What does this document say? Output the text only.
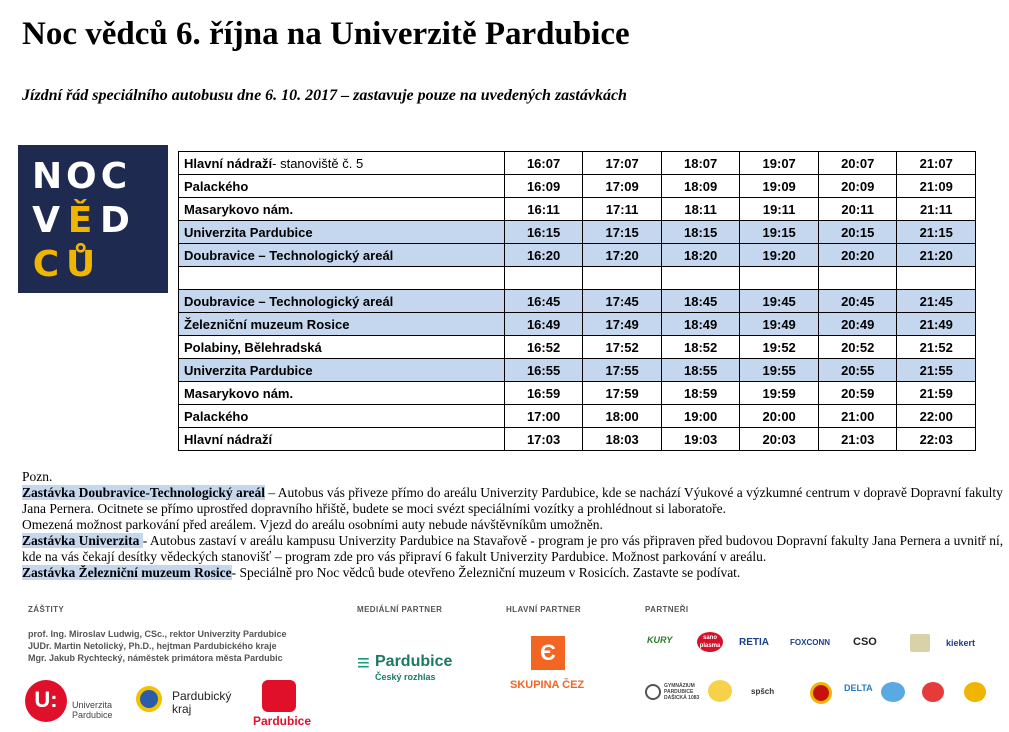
Noc vědců 6. října na Univerzitě Pardubice
Jízdní řád speciálního autobusu dne 6. 10. 2017 – zastavuje pouze na uvedených zastávkách
N O C
V Ě D
C Ů
Hlavní nádraží- stanoviště č. 5	16:07	17:07	18:07	19:07	20:07	21:07
Palackého	16:09	17:09	18:09	19:09	20:09	21:09
Masarykovo nám.	16:11	17:11	18:11	19:11	20:11	21:11
Univerzita Pardubice	16:15	17:15	18:15	19:15	20:15	21:15
Doubravice – Technologický areál	16:20	17:20	18:20	19:20	20:20	21:20

Doubravice – Technologický areál	16:45	17:45	18:45	19:45	20:45	21:45
Železniční muzeum Rosice	16:49	17:49	18:49	19:49	20:49	21:49
Polabiny, Bělehradská	16:52	17:52	18:52	19:52	20:52	21:52
Univerzita Pardubice	16:55	17:55	18:55	19:55	20:55	21:55
Masarykovo nám.	16:59	17:59	18:59	19:59	20:59	21:59
Palackého	17:00	18:00	19:00	20:00	21:00	22:00
Hlavní nádraží	17:03	18:03	19:03	20:03	21:03	22:03

Pozn.

Zastávka Doubravice-Technologický areál – Autobus vás přiveze přímo do areálu Univerzity Pardubice, kde se nachází Výukové a výzkumné centrum v dopravě Dopravní fakulty Jana Pernera. Ocitnete se přímo uprostřed dopravního hřiště, budete se moci svézt speciálními vozítky a prohlédnout si laboratoře.

Omezená možnost parkování před areálem. Vjezd do areálu osobními auty nebude návštěvníkům umožněn.

Zastávka Univerzita - Autobus zastaví v areálu kampusu Univerzity Pardubice na Stavařově - program je pro vás připraven před budovou Dopravní fakulty Jana Pernera a uvnitř ní, kde na vás čekají desítky vědeckých stanovišť – program zde pro vás připraví 6 fakult Univerzity Pardubice. Možnost parkování v areálu.

Zastávka Železniční muzeum Rosice- Speciálně pro Noc vědců bude otevřeno Železniční muzeum v Rosicích. Zastavte se podívat.

ZÁŠTITY	MEDIÁLNÍ PARTNER	HLAVNÍ PARTNER	PARTNEŘI
prof. Ing. Miroslav Ludwig, CSc., rektor Univerzity Pardubice
JUDr. Martin Netolický, Ph.D., hejtman Pardubického kraje
Mgr. Jakub Rychtecký, náměstek primátora města Pardubic
U:	Univerzita
Pardubice
Pardubický
kraj
Pardubice
≡ Pardubice
Český rozhlas
Є
SKUPINA ČEZ
KURY	sano plasma RETIA	FOXCONN CSO	kiekert
GYMNÁZIUM PARDUBICE DAŠICKÁ 1083
spšch	DELTA
